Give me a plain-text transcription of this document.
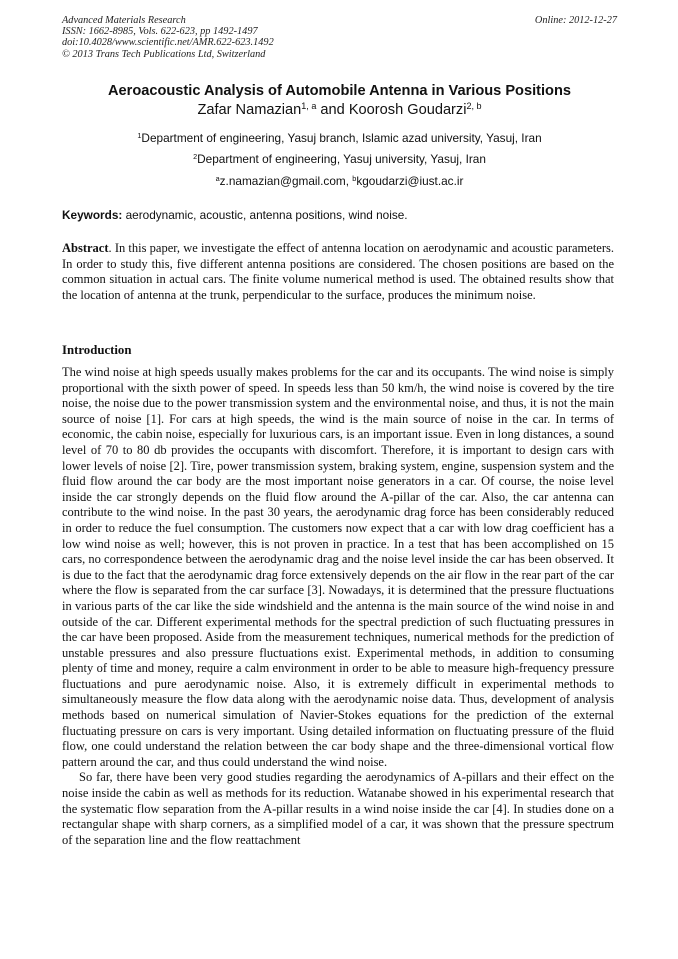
Advanced Materials Research
ISSN: 1662-8985, Vols. 622-623, pp 1492-1497
doi:10.4028/www.scientific.net/AMR.622-623.1492
© 2013 Trans Tech Publications Ltd, Switzerland
Online: 2012-12-27
Aeroacoustic Analysis of Automobile Antenna in Various Positions
Zafar Namazian$^{1, a}$ and Koorosh Goudarzi$^{2, b}$
$^1$Department of engineering, Yasuj branch, Islamic azad university, Yasuj, Iran
$^2$Department of engineering, Yasuj university, Yasuj, Iran
$^a$z.namazian@gmail.com, $^b$kgoudarzi@iust.ac.ir
Keywords: aerodynamic, acoustic, antenna positions, wind noise.

Abstract. In this paper, we investigate the effect of antenna location on aerodynamic and acoustic parameters. In order to study this, five different antenna positions are considered. The chosen positions are based on the common situation in actual cars. The finite volume numerical method is used. The obtained results show that the location of antenna at the trunk, perpendicular to the surface, produces the minimum noise.

Introduction

The wind noise at high speeds usually makes problems for the car and its occupants. The wind noise is simply proportional with the sixth power of speed. In speeds less than 50 km/h, the wind noise is covered by the tire noise, the noise due to the power transmission system and the environmental noise, and thus, it is not the main source of noise [1]. For cars at high speeds, the wind is the main source of noise in the car. In terms of economic, the cabin noise, especially for luxurious cars, is an important issue. Even in long distances, a sound level of 70 to 80 db provides the occupants with discomfort. Therefore, it is important to design cars with lower levels of noise [2]. Tire, power transmission system, braking system, engine, suspension system and the fluid flow around the car body are the most important noise generators in a car. Of course, the noise level inside the car strongly depends on the fluid flow around the A-pillar of the car. Also, the car antenna can contribute to the wind noise. In the past 30 years, the aerodynamic drag force has been considerably reduced in order to reduce the fuel consumption. The customers now expect that a car with low drag coefficient has a low wind noise as well; however, this is not proven in practice. In a test that has been accomplished on 15 cars, no correspondence between the aerodynamic drag and the noise level inside the car has been observed. It is due to the fact that the aerodynamic drag force extensively depends on the air flow in the rear part of the car where the flow is separated from the car surface [3]. Nowadays, it is determined that the pressure fluctuations in various parts of the car like the side windshield and the antenna is the main source of the wind noise in and outside of the car. Different experimental methods for the spectral prediction of such fluctuating pressures in the car have been proposed. Aside from the measurement techniques, numerical methods for the prediction of unstable pressures and also pressure fluctuations exist. Experimental methods, in addition to consuming plenty of time and money, require a calm environment in order to be able to measure high-frequency pressure fluctuations and pure aerodynamic noise. Also, it is extremely difficult in experimental methods to simultaneously measure the flow data along with the aerodynamic noise data. Thus, development of analysis methods based on numerical simulation of Navier-Stokes equations for the prediction of the external fluctuating pressure on cars is very important. Using detailed information on fluctuating pressure of the fluid flow, one could understand the relation between the car body shape and the three-dimensional vortical flow pattern around the car, and thus could understand the wind noise.

So far, there have been very good studies regarding the aerodynamics of A-pillars and their effect on the noise inside the cabin as well as methods for its reduction. Watanabe showed in his experimental research that the systematic flow separation from the A-pillar results in a wind noise inside the car [4]. In studies done on a rectangular shape with sharp corners, as a simplified model of a car, it was shown that the pressure spectrum of the separation line and the flow reattachment
